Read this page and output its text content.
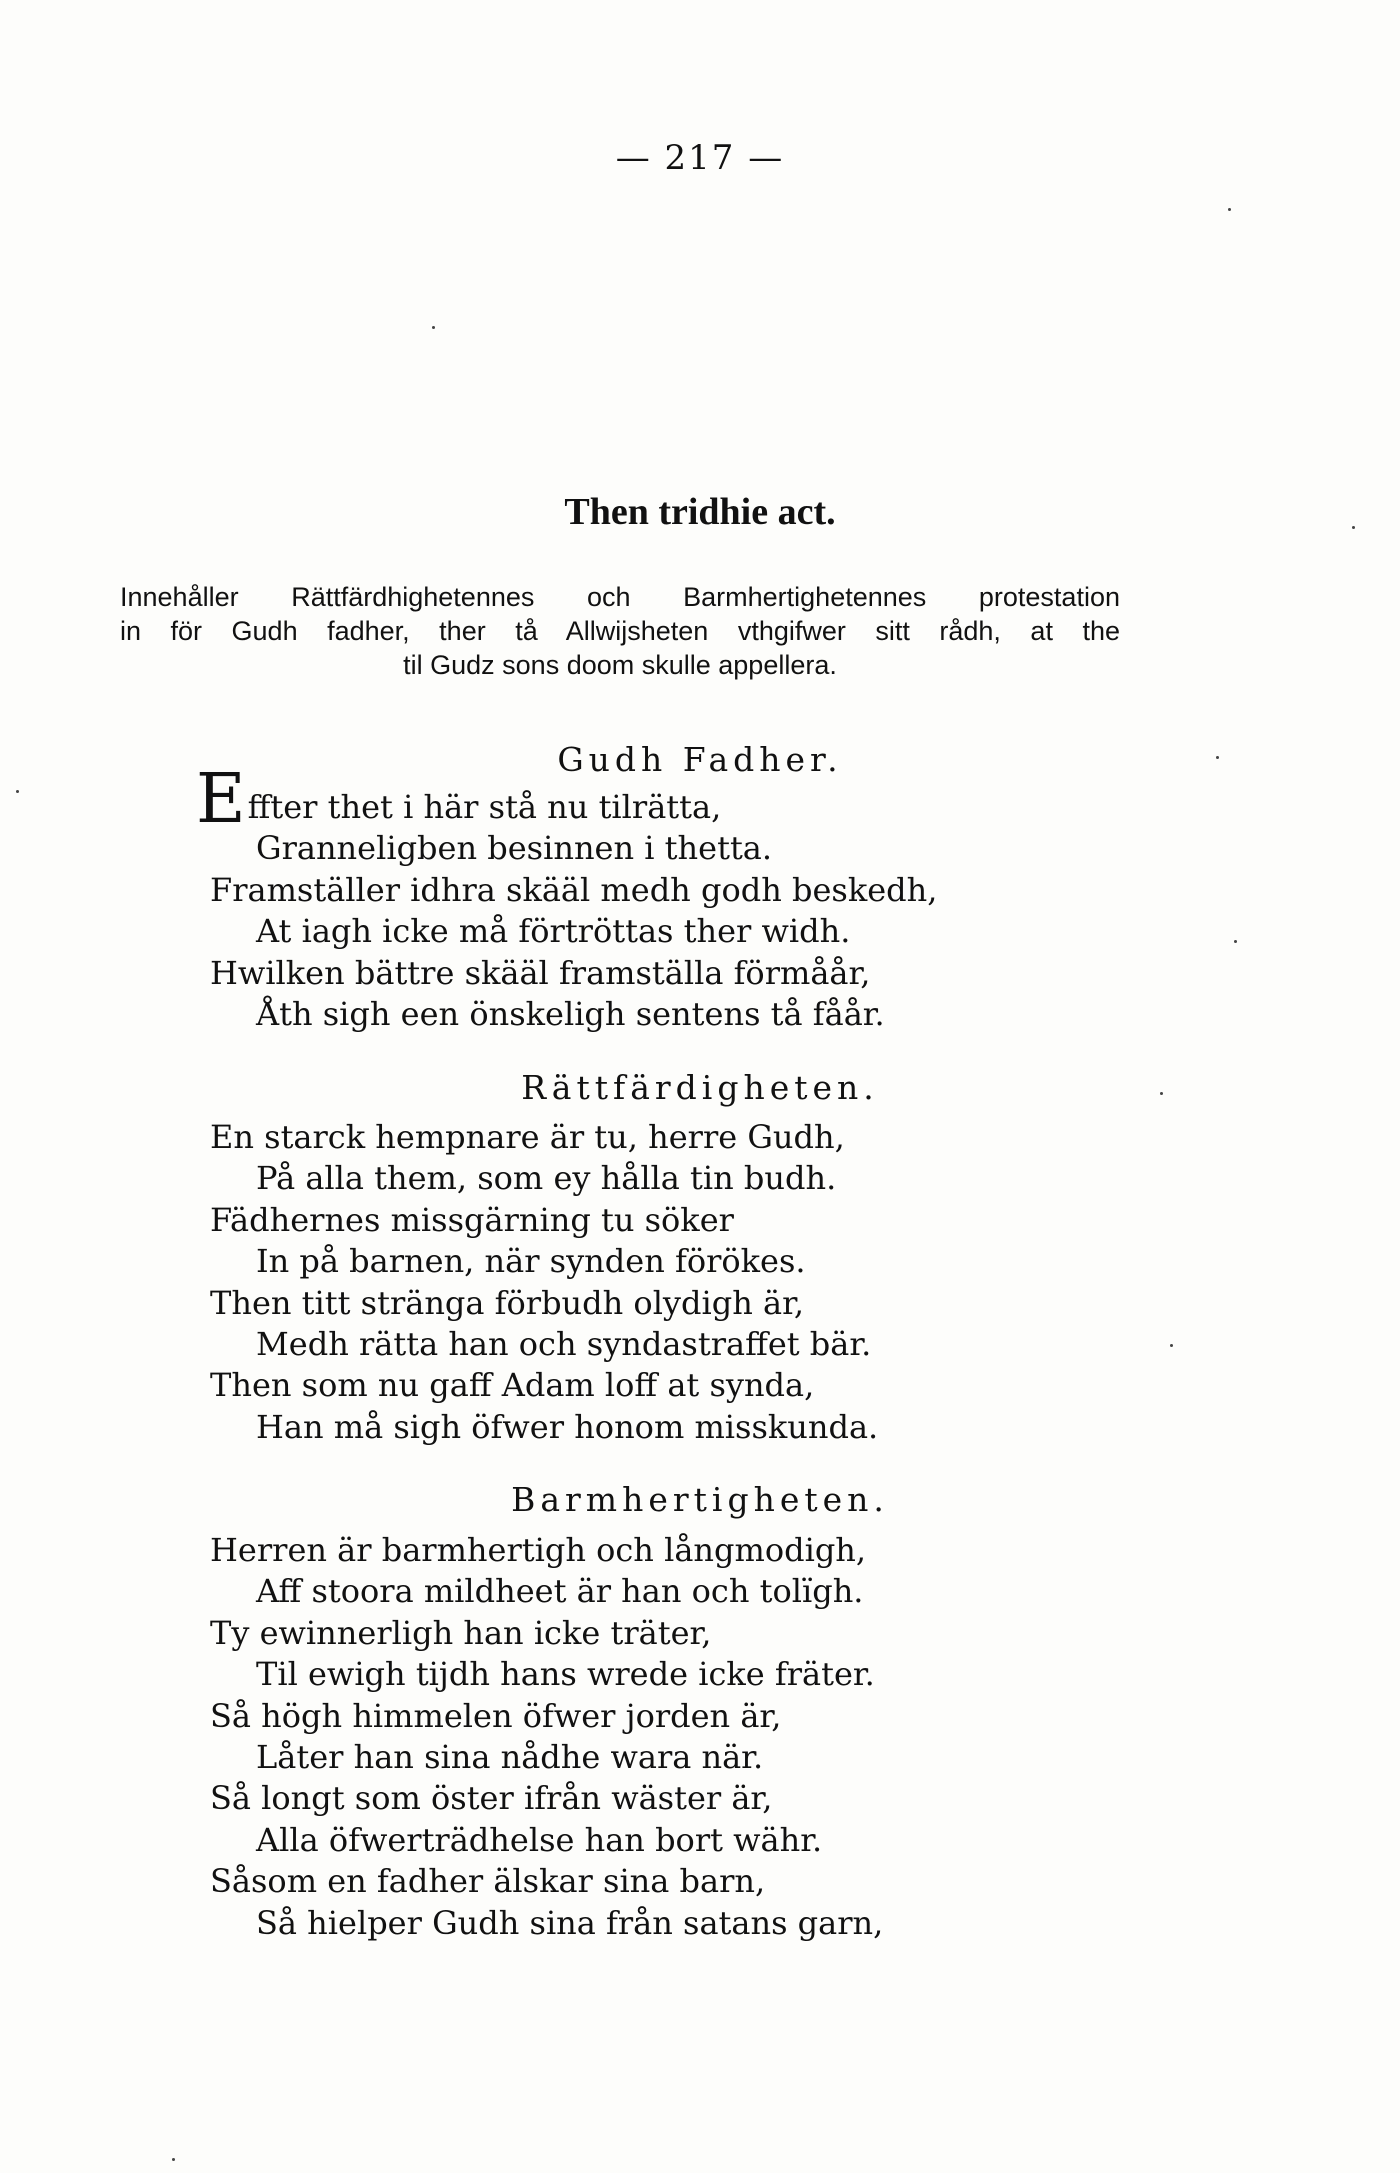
— 217 —
Then tridhie act.
Innehåller Rättfärdhighetennes och Barmhertighetennes protestation
in för Gudh fadher, ther tå Allwijsheten vthgifwer sitt rådh, at the
til Gudz sons doom skulle appellera.
Gudh Fadher.
Effter thet i här stå nu tilrätta,
Granneligben besinnen i thetta.
Framställer idhra skääl medh godh beskedh,
At iagh icke må förtröttas ther widh.
Hwilken bättre skääl framställa förmåår,
Åth sigh een önskeligh sentens tå fåår.
Rättfärdigheten.
En starck hempnare är tu, herre Gudh,
På alla them, som ey hålla tin budh.
Fädhernes missgärning tu söker
In på barnen, när synden förökes.
Then titt stränga förbudh olydigh är,
Medh rätta han och syndastraffet bär.
Then som nu gaff Adam loff at synda,
Han må sigh öfwer honom misskunda.
Barmhertigheten.
Herren är barmhertigh och långmodigh,
Aff stoora mildheet är han och tolïgh.
Ty ewinnerligh han icke träter,
Til ewigh tijdh hans wrede icke fräter.
Så högh himmelen öfwer jorden är,
Låter han sina nådhe wara när.
Så longt som öster ifrån wäster är,
Alla öfwerträdhelse han bort währ.
Såsom en fadher älskar sina barn,
Så hielper Gudh sina från satans garn,
